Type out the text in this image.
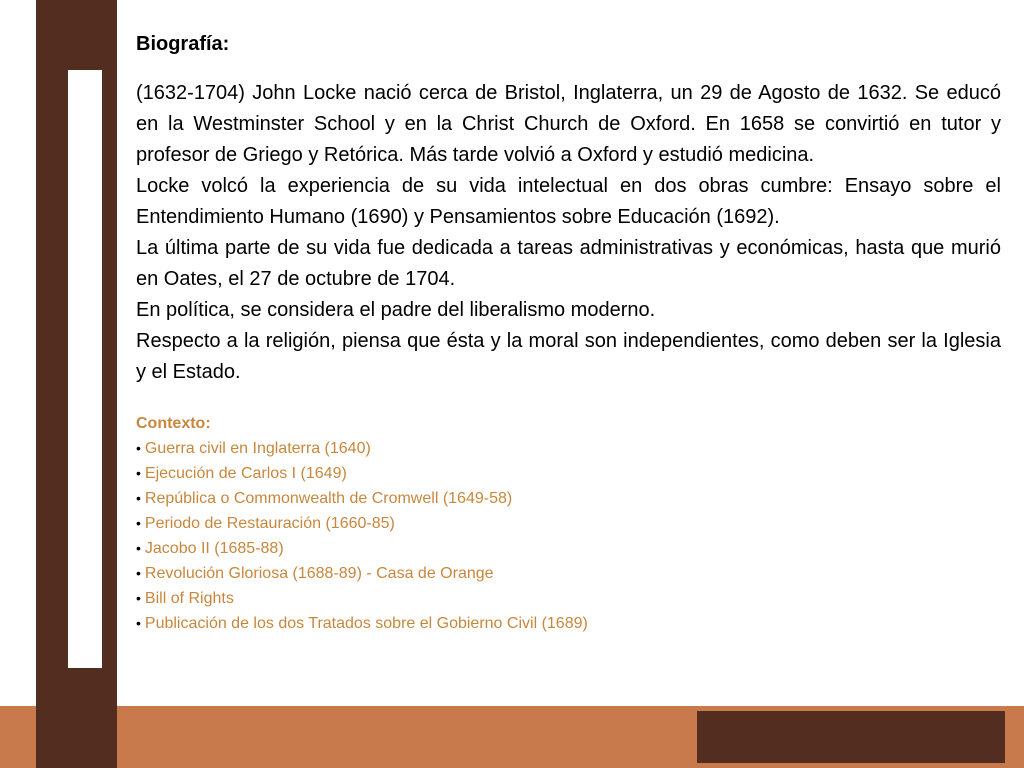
Biografía:

(1632-1704) John Locke nació cerca de Bristol, Inglaterra, un 29 de Agosto de 1632. Se educó en la Westminster School y en la Christ Church de Oxford. En 1658 se convirtió en tutor y profesor de Griego y Retórica. Más tarde volvió a Oxford y estudió medicina.

Locke volcó la experiencia de su vida intelectual en dos obras cumbre: Ensayo sobre el Entendimiento Humano (1690) y Pensamientos sobre Educación (1692).

La última parte de su vida fue dedicada a tareas administrativas y económicas, hasta que murió en Oates, el 27 de octubre de 1704.

En política, se considera el padre del liberalismo moderno.

Respecto a la religión, piensa que ésta y la moral son independientes, como deben ser la Iglesia y el Estado.

Contexto:

• Guerra civil en Inglaterra (1640)
• Ejecución de Carlos I (1649)
• República o Commonwealth de Cromwell (1649-58)
• Periodo de Restauración (1660-85)
• Jacobo II (1685-88)
• Revolución Gloriosa (1688-89) - Casa de Orange
• Bill of Rights
• Publicación de los dos Tratados sobre el Gobierno Civil (1689)
